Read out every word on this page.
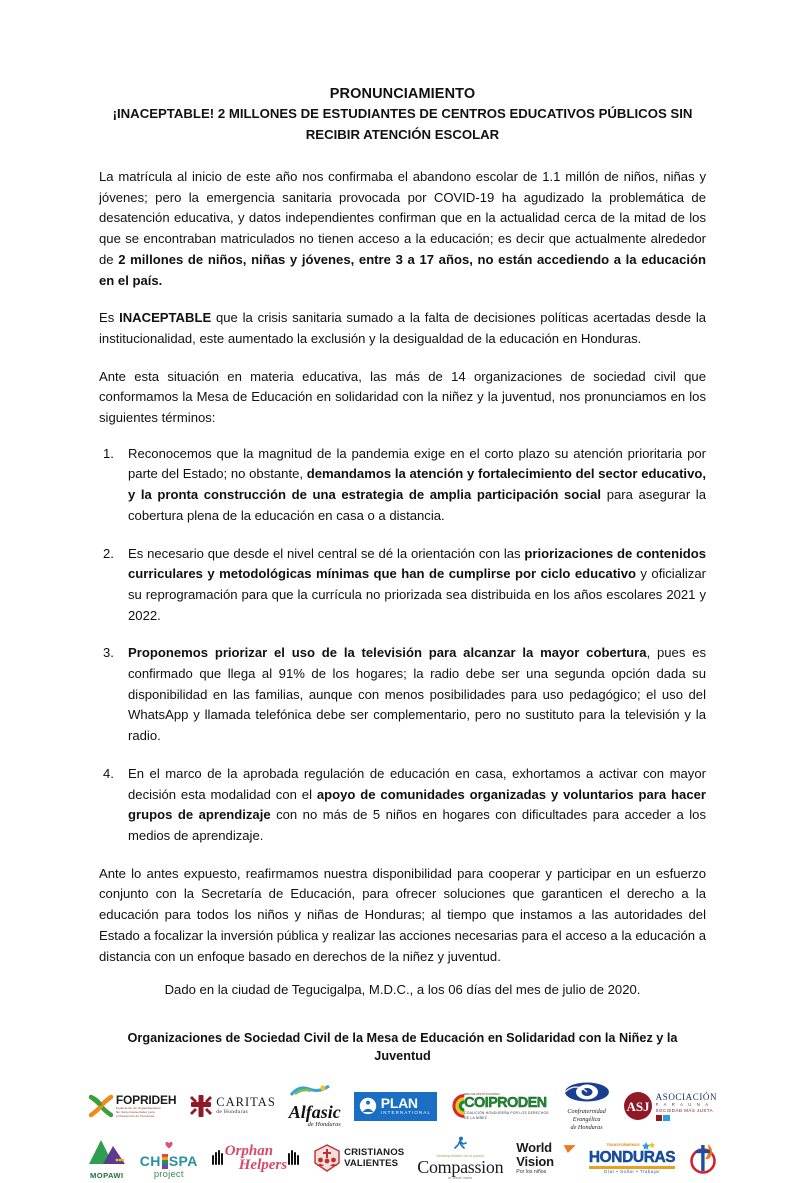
PRONUNCIAMIENTO
¡INACEPTABLE! 2 MILLONES DE ESTUDIANTES DE CENTROS EDUCATIVOS PÚBLICOS SIN RECIBIR ATENCIÓN ESCOLAR

La matrícula al inicio de este año nos confirmaba el abandono escolar de 1.1 millón de niños, niñas y jóvenes; pero la emergencia sanitaria provocada por COVID-19 ha agudizado la problemática de desatención educativa, y datos independientes confirman que en la actualidad cerca de la mitad de los que se encontraban matriculados no tienen acceso a la educación; es decir que actualmente alrededor de 2 millones de niños, niñas y jóvenes, entre 3 a 17 años, no están accediendo a la educación en el país.

Es INACEPTABLE que la crisis sanitaria sumado a la falta de decisiones políticas acertadas desde la institucionalidad, este aumentado la exclusión y la desigualdad de la educación en Honduras.

Ante esta situación en materia educativa, las más de 14 organizaciones de sociedad civil que conformamos la Mesa de Educación en solidaridad con la niñez y la juventud, nos pronunciamos en los siguientes términos:

Reconocemos que la magnitud de la pandemia exige en el corto plazo su atención prioritaria por parte del Estado; no obstante, demandamos la atención y fortalecimiento del sector educativo, y la pronta construcción de una estrategia de amplia participación social para asegurar la cobertura plena de la educación en casa o a distancia.
Es necesario que desde el nivel central se dé la orientación con las priorizaciones de contenidos curriculares y metodológicas mínimas que han de cumplirse por ciclo educativo y oficializar su reprogramación para que la currícula no priorizada sea distribuida en los años escolares 2021 y 2022.
Proponemos priorizar el uso de la televisión para alcanzar la mayor cobertura, pues es confirmado que llega al 91% de los hogares; la radio debe ser una segunda opción dada su disponibilidad en las familias, aunque con menos posibilidades para uso pedagógico; el uso del WhatsApp y llamada telefónica debe ser complementario, pero no sustituto para la televisión y la radio.
En el marco de la aprobada regulación de educación en casa, exhortamos a activar con mayor decisión esta modalidad con el apoyo de comunidades organizadas y voluntarios para hacer grupos de aprendizaje con no más de 5 niños en hogares con dificultades para acceder a los medios de aprendizaje.

Ante lo antes expuesto, reafirmamos nuestra disponibilidad para cooperar y participar en un esfuerzo conjunto con la Secretaría de Educación, para ofrecer soluciones que garanticen el derecho a la educación para todos los niños y niñas de Honduras; al tiempo que instamos a las autoridades del Estado a focalizar la inversión pública y realizar las acciones necesarias para el acceso a la educación a distancia con un enfoque basado en derechos de la niñez y juventud.

Dado en la ciudad de Tegucigalpa, M.D.C., a los 06 días del mes de julio de 2020.

Organizaciones de Sociedad Civil de la Mesa de Educación en Solidaridad con la Niñez y la Juventud
FOPRIDEH
Federación de Organizaciones
No Gubernamentales para
el Desarrollo de Honduras
CARITAS
de Honduras	Alfasic
de Honduras
PLAN
INTERNATIONAL
RED DE INSTITUCIONES
COIPRODEN
COALICIÓN HONDUREÑA POR LOS DERECHOS DE LA NIÑEZ
Confraternidad Evangélica
de Honduras
ASJ
ASOCIACIÓN
P A R A U N A
SOCIEDAD MÁS JUSTA

MOPAWI
CH SPA
project
Orphan
Helpers
CRISTIANOS
VALIENTES
following children out of poverty
Compassion
in Jesus' name
World Vision
Por los niños
TRANSFORMEMOS
HONDURAS
Orar • Soñar • Trabajar
